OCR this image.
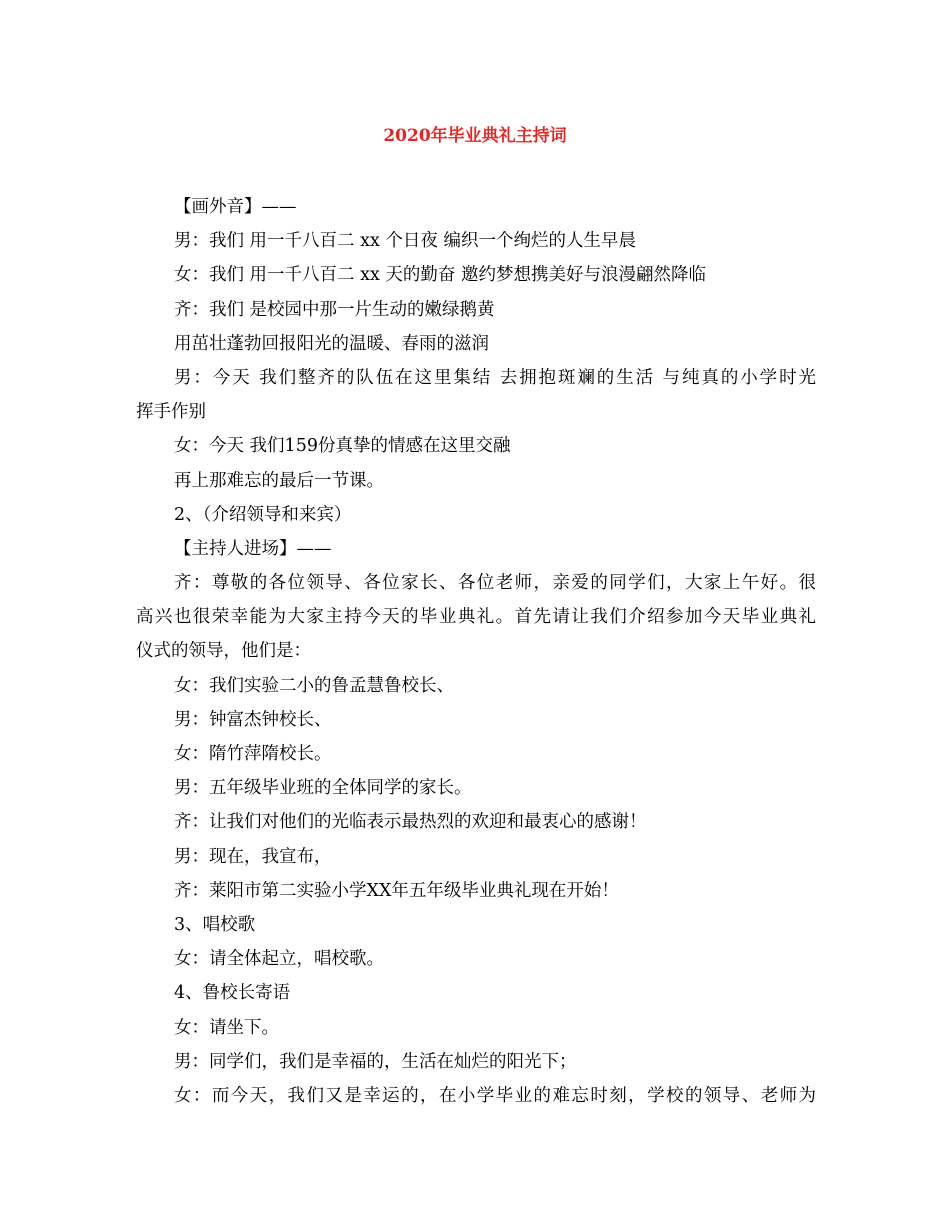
2020年毕业典礼主持词
【画外音】——
男：我们 用一千八百二 xx 个日夜 编织一个绚烂的人生早晨
女：我们 用一千八百二 xx 天的勤奋 邀约梦想携美好与浪漫翩然降临
齐：我们 是校园中那一片生动的嫩绿鹅黄
用茁壮蓬勃回报阳光的温暖、春雨的滋润
男：今天 我们整齐的队伍在这里集结 去拥抱斑斓的生活 与纯真的小学时光
挥手作别
女：今天 我们159份真挚的情感在这里交融
再上那难忘的最后一节课。
2、（介绍领导和来宾）
【主持人进场】——
齐：尊敬的各位领导、各位家长、各位老师，亲爱的同学们，大家上午好。很
高兴也很荣幸能为大家主持今天的毕业典礼。首先请让我们介绍参加今天毕业典礼
仪式的领导，他们是：
女：我们实验二小的鲁孟慧鲁校长、
男：钟富杰钟校长、
女：隋竹萍隋校长。
男：五年级毕业班的全体同学的家长。
齐：让我们对他们的光临表示最热烈的欢迎和最衷心的感谢！
男：现在，我宣布，
齐：莱阳市第二实验小学XX年五年级毕业典礼现在开始！
3、唱校歌
女：请全体起立，唱校歌。
4、鲁校长寄语
女：请坐下。
男：同学们，我们是幸福的，生活在灿烂的阳光下；
女：而今天，我们又是幸运的，在小学毕业的难忘时刻，学校的领导、老师为
